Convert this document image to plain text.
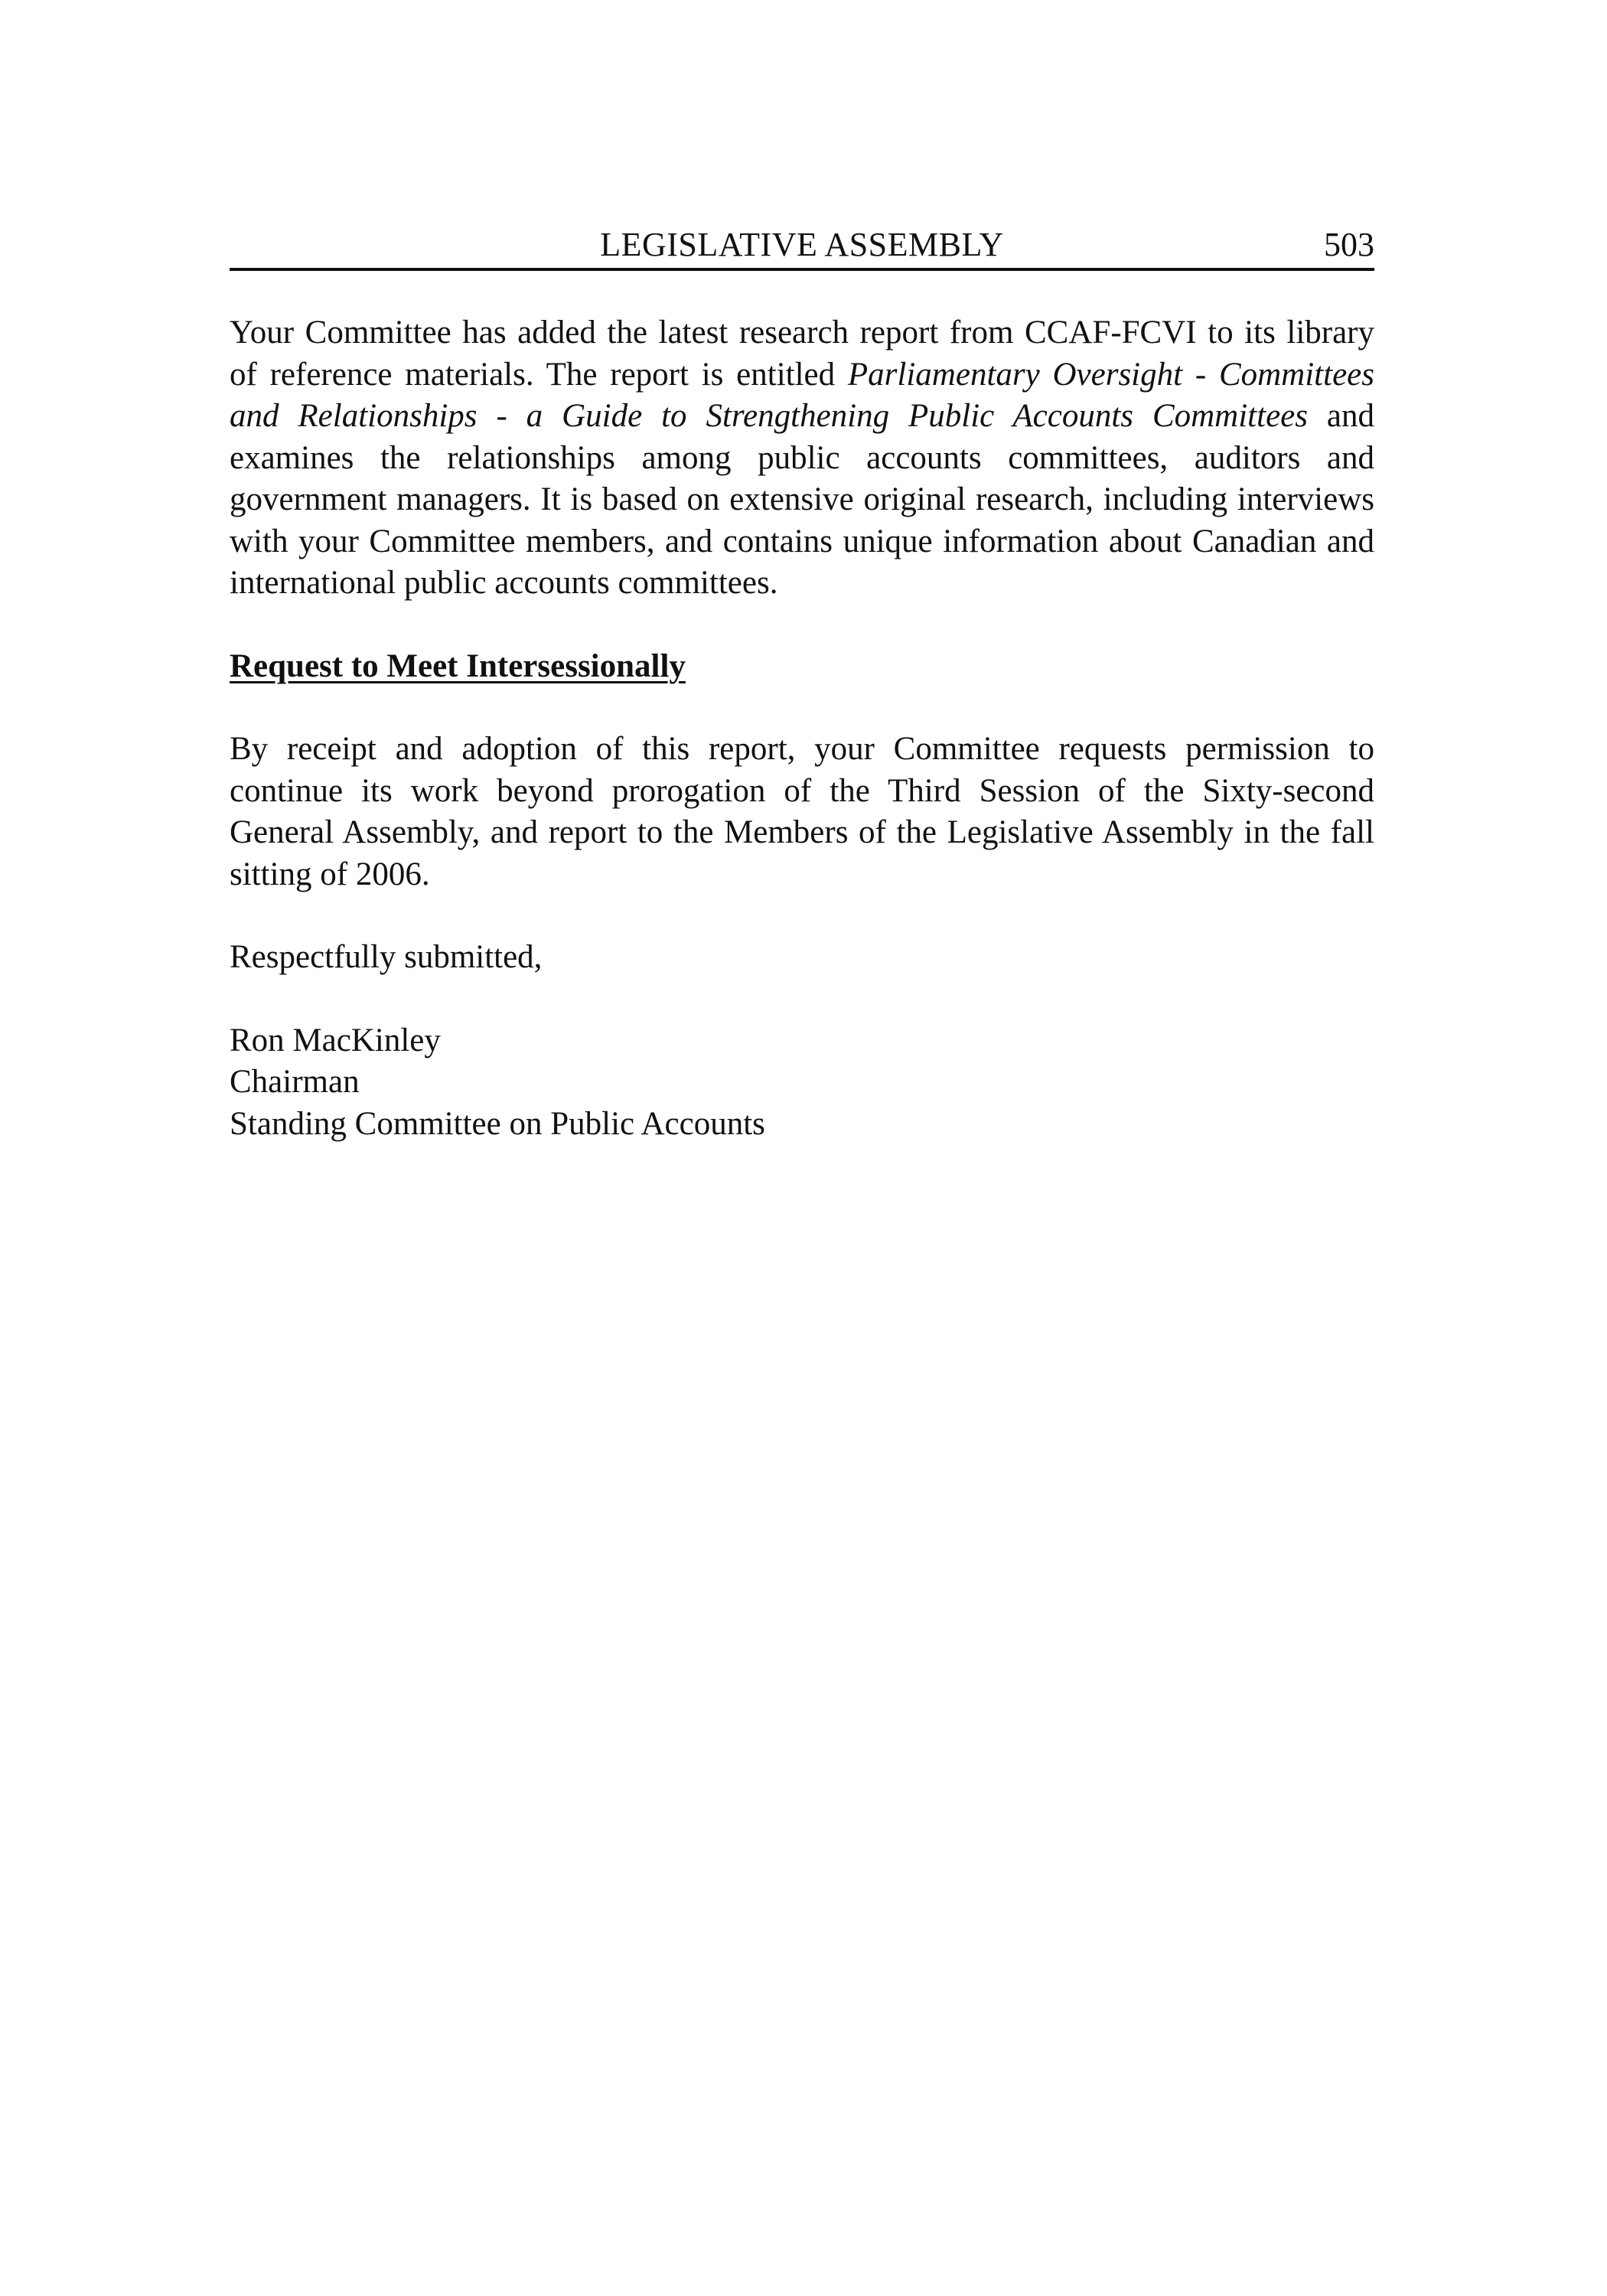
LEGISLATIVE ASSEMBLY	503

Your Committee has added the latest research report from CCAF-FCVI to its library of reference materials. The report is entitled Parliamentary Oversight - Committees and Relationships - a Guide to Strengthening Public Accounts Committees and examines the relationships among public accounts committees, auditors and government managers. It is based on extensive original research, including interviews with your Committee members, and contains unique information about Canadian and international public accounts committees.

Request to Meet Intersessionally

By receipt and adoption of this report, your Committee requests permission to continue its work beyond prorogation of the Third Session of the Sixty-second General Assembly, and report to the Members of the Legislative Assembly in the fall sitting of 2006.

Respectfully submitted,

Ron MacKinley
Chairman
Standing Committee on Public Accounts
